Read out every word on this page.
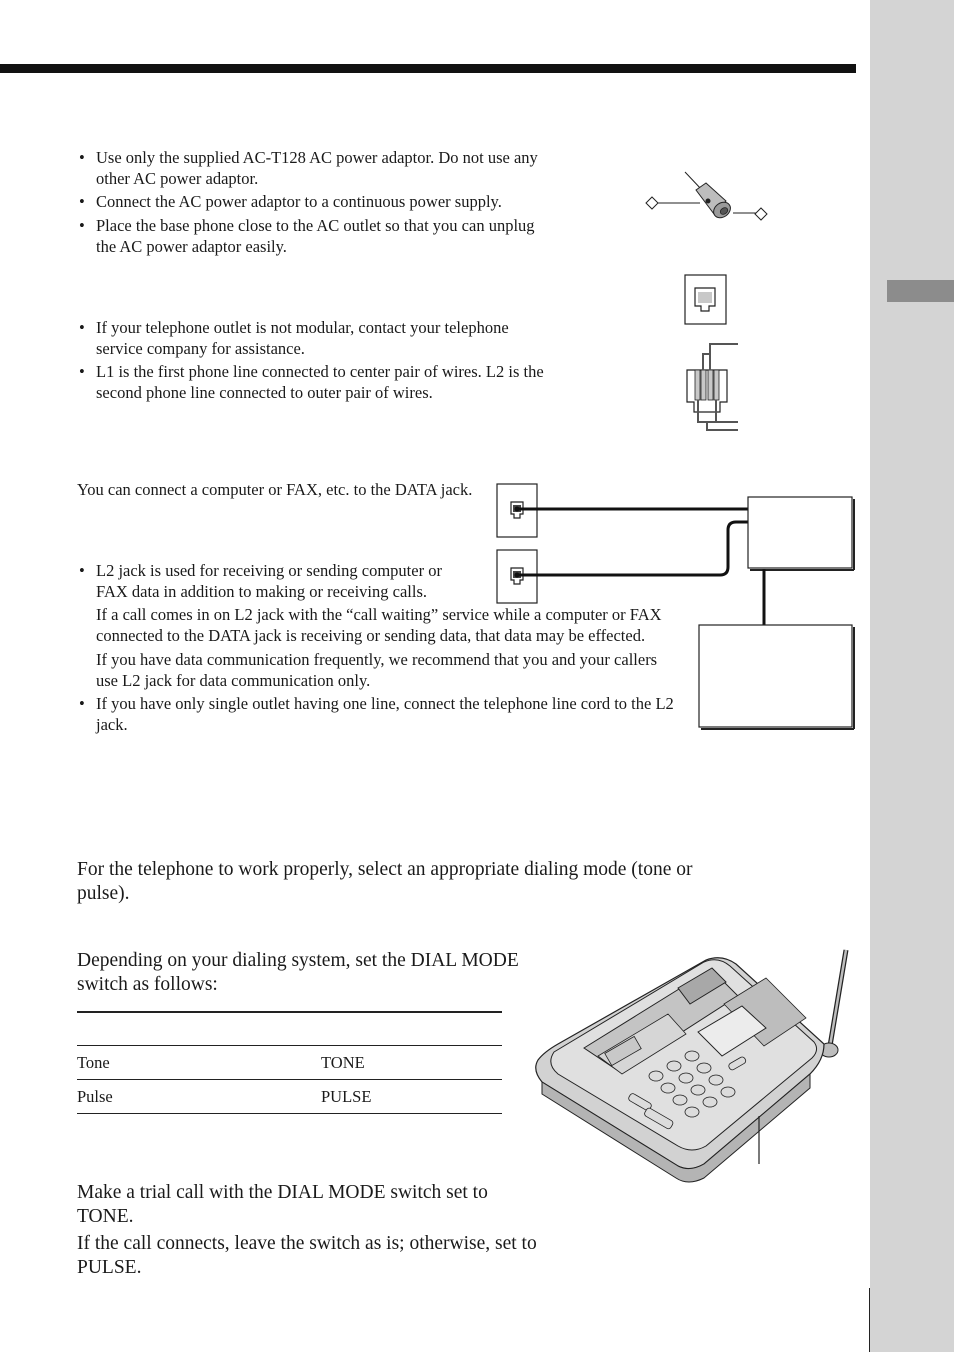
• Use only the supplied AC-T128 AC power adaptor. Do not use any other AC power adaptor.
• Connect the AC power adaptor to a continuous power supply.
• Place the base phone close to the AC outlet so that you can unplug the AC power adaptor easily.
• If your telephone outlet is not modular, contact your telephone service company for assistance.
• L1 is the first phone line connected to center pair of wires. L2 is the second phone line connected to outer pair of wires.

You can connect a computer or FAX, etc. to the DATA jack.

• L2 jack is used for receiving or sending computer or FAX data in addition to making or receiving calls.
If a call comes in on L2 jack with the “call waiting” service while a computer or FAX connected to the DATA jack is receiving or sending data, that data may be effected.
If you have data communication frequently, we recommend that you and your callers use L2 jack for data communication only.
• If you have only single outlet having one line, connect the telephone line cord to the L2 jack.

For the telephone to work properly, select an appropriate dialing mode (tone or pulse).

Depending on your dialing system, set the DIAL MODE switch as follows:

Tone	TONE
Pulse	PULSE

Make a trial call with the DIAL MODE switch set to TONE.

If the call connects, leave the switch as is; otherwise, set to PULSE.
